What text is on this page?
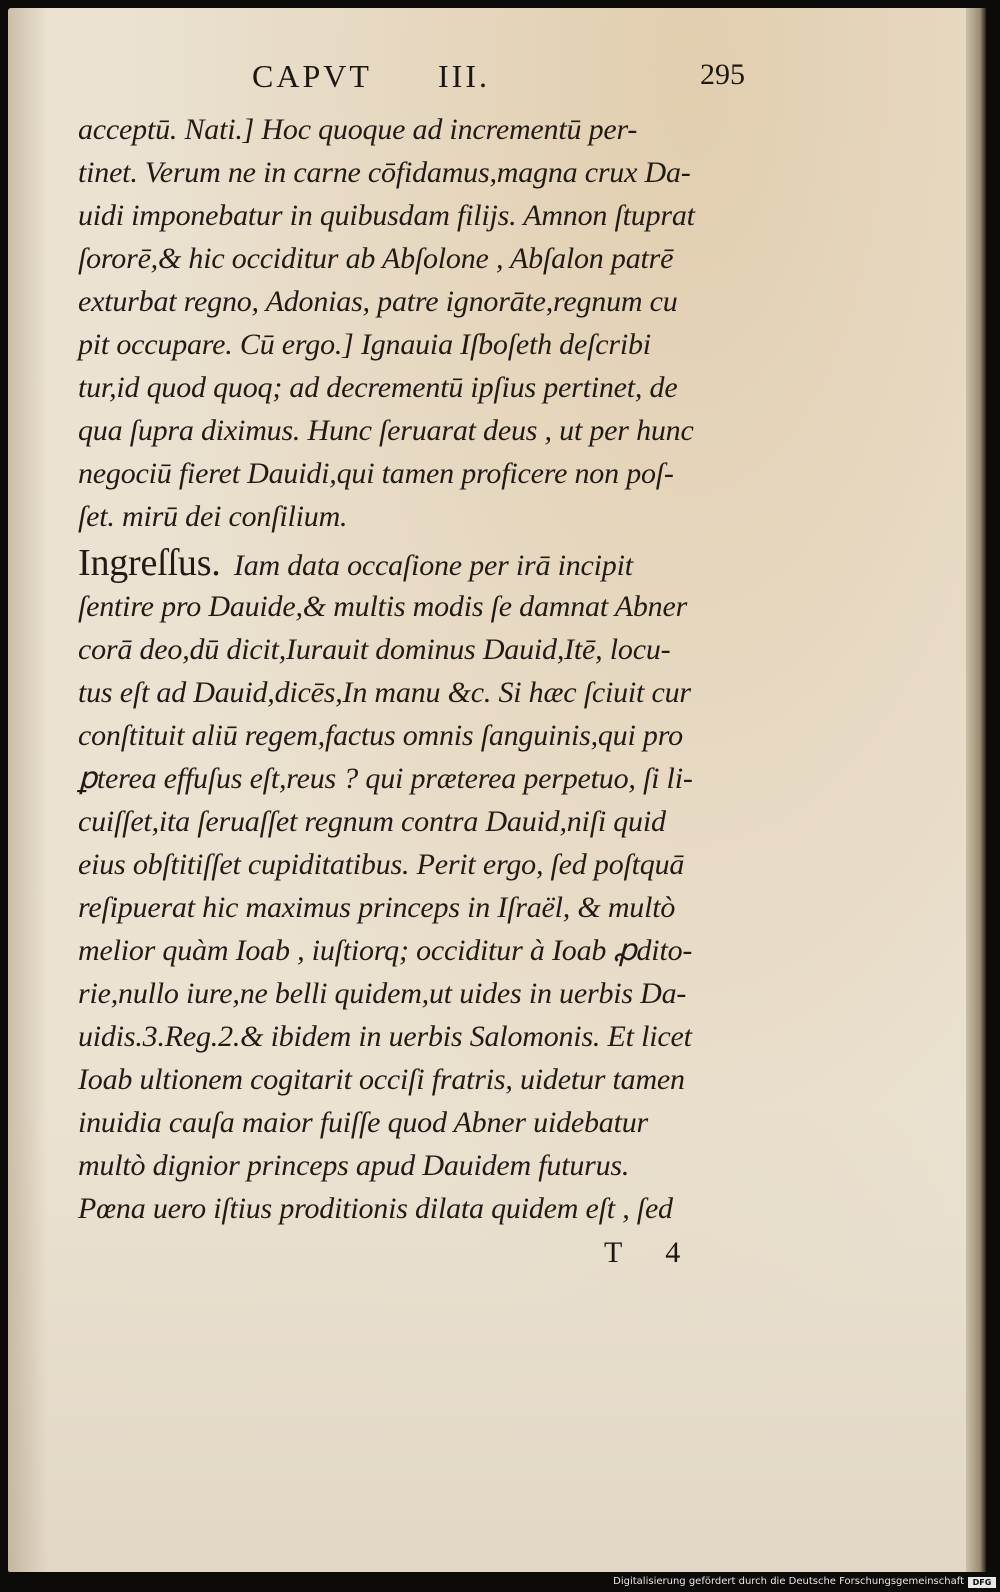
CAPVT III.	295
acceptū. Nati.] Hoc quoque ad incrementū per-
tinet. Verum ne in carne cōfidamus,magna crux Da-
uidi imponebatur in quibusdam filijs. Amnon ſtuprat
ſororē,& hic occiditur ab Abſolone , Abſalon patrē
exturbat regno, Adonias, patre ignorāte,regnum cu
pit occupare. Cū ergo.] Ignauia Iſboſeth deſcribi
tur,id quod quoq; ad decrementū ipſius pertinet, de
qua ſupra diximus. Hunc ſeruarat deus , ut per hunc
negociū fieret Dauidi,qui tamen proficere non poſ-
ſet. mirū dei conſilium.
Ingreſſus. Iam data occaſione per irā incipit
ſentire pro Dauide,& multis modis ſe damnat Abner
corā deo,dū dicit,Iurauit dominus Dauid,Itē, locu-
tus eſt ad Dauid,dicēs,In manu &c. Si hæc ſciuit cur
conſtituit aliū regem,factus omnis ſanguinis,qui pro
ꝑterea effuſus eſt,reus ? qui præterea perpetuo, ſi li-
cuiſſet,ita ſeruaſſet regnum contra Dauid,niſi quid
eius obſtitiſſet cupiditatibus. Perit ergo, ſed poſtquā
reſipuerat hic maximus princeps in Iſraël, & multò
melior quàm Ioab , iuſtiorq; occiditur à Ioab ꝓdito-
rie,nullo iure,ne belli quidem,ut uides in uerbis Da-
uidis.3.Reg.2.& ibidem in uerbis Salomonis. Et licet
Ioab ultionem cogitarit occiſi fratris, uidetur tamen
inuidia cauſa maior fuiſſe quod Abner uidebatur
multò dignior princeps apud Dauidem futurus.
Pœna uero iſtius proditionis dilata quidem eſt , ſed
T 4
Digitalisierung gefördert durch die Deutsche Forschungsgemeinschaft	DFG
